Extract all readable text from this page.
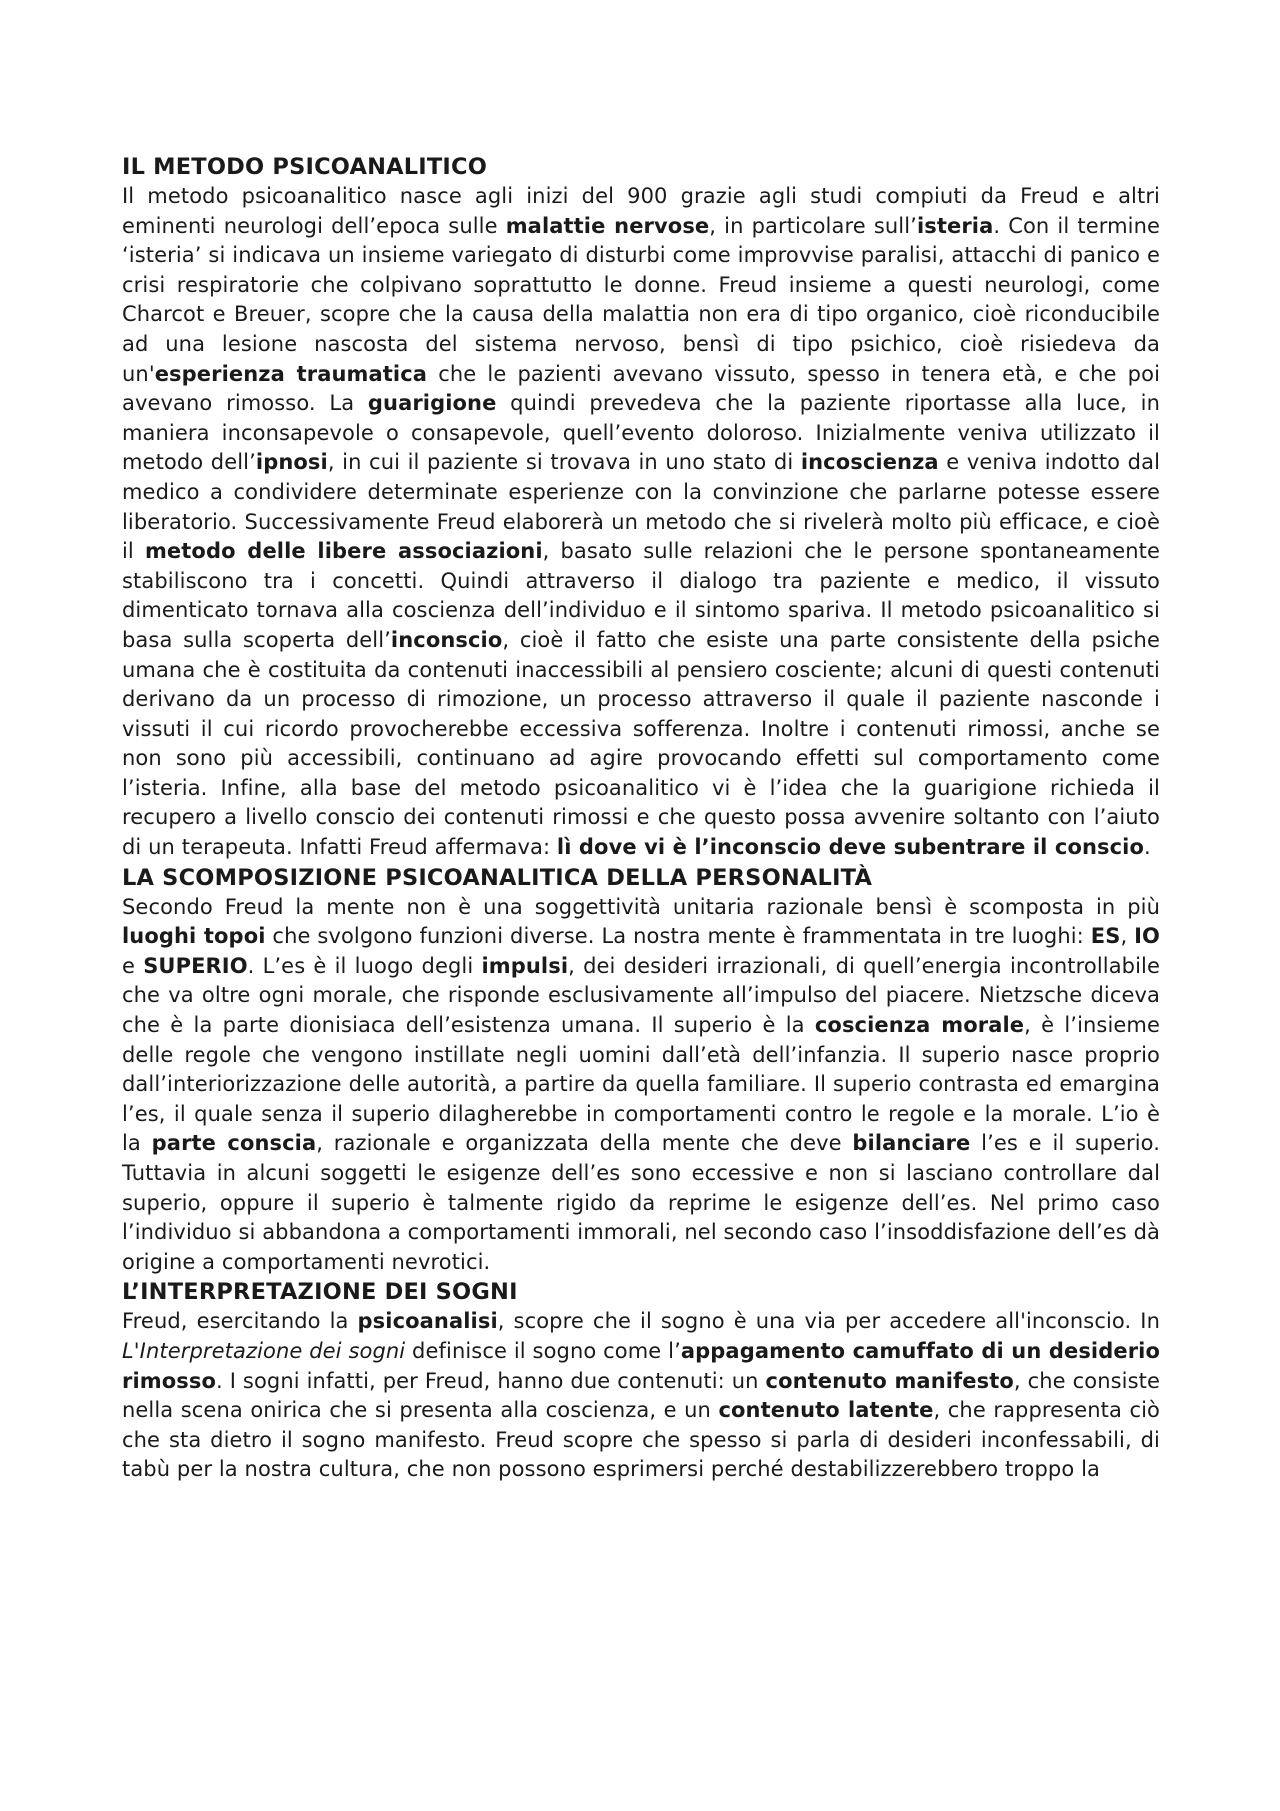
IL METODO PSICOANALITICO

Il metodo psicoanalitico nasce agli inizi del 900 grazie agli studi compiuti da Freud e altri eminenti neurologi dell’epoca sulle malattie nervose, in particolare sull’isteria. Con il termine ‘isteria’ si indicava un insieme variegato di disturbi come improvvise paralisi, attacchi di panico e crisi respiratorie che colpivano soprattutto le donne. Freud insieme a questi neurologi, come Charcot e Breuer, scopre che la causa della malattia non era di tipo organico, cioè riconducibile ad una lesione nascosta del sistema nervoso, bensì di tipo psichico, cioè risiedeva da un'esperienza traumatica che le pazienti avevano vissuto, spesso in tenera età, e che poi avevano rimosso. La guarigione quindi prevedeva che la paziente riportasse alla luce, in maniera inconsapevole o consapevole, quell’evento doloroso. Inizialmente veniva utilizzato il metodo dell’ipnosi, in cui il paziente si trovava in uno stato di incoscienza e veniva indotto dal medico a condividere determinate esperienze con la convinzione che parlarne potesse essere liberatorio. Successivamente Freud elaborerà un metodo che si rivelerà molto più efficace, e cioè il metodo delle libere associazioni, basato sulle relazioni che le persone spontaneamente stabiliscono tra i concetti. Quindi attraverso il dialogo tra paziente e medico, il vissuto dimenticato tornava alla coscienza dell’individuo e il sintomo spariva. Il metodo psicoanalitico si basa sulla scoperta dell’inconscio, cioè il fatto che esiste una parte consistente della psiche umana che è costituita da contenuti inaccessibili al pensiero cosciente; alcuni di questi contenuti derivano da un processo di rimozione, un processo attraverso il quale il paziente nasconde i vissuti il cui ricordo provocherebbe eccessiva sofferenza. Inoltre i contenuti rimossi, anche se non sono più accessibili, continuano ad agire provocando effetti sul comportamento come l’isteria. Infine, alla base del metodo psicoanalitico vi è l’idea che la guarigione richieda il recupero a livello conscio dei contenuti rimossi e che questo possa avvenire soltanto con l’aiuto di un terapeuta. Infatti Freud affermava: lì dove vi è l’inconscio deve subentrare il conscio.

LA SCOMPOSIZIONE PSICOANALITICA DELLA PERSONALITÀ

Secondo Freud la mente non è una soggettività unitaria razionale bensì è scomposta in più luoghi topoi che svolgono funzioni diverse. La nostra mente è frammentata in tre luoghi: ES, IO e SUPERIO. L’es è il luogo degli impulsi, dei desideri irrazionali, di quell’energia incontrollabile che va oltre ogni morale, che risponde esclusivamente all’impulso del piacere. Nietzsche diceva che è la parte dionisiaca dell’esistenza umana. Il superio è la coscienza morale, è l’insieme delle regole che vengono instillate negli uomini dall’età dell’infanzia. Il superio nasce proprio dall’interiorizzazione delle autorità, a partire da quella familiare. Il superio contrasta ed emargina l’es, il quale senza il superio dilagherebbe in comportamenti contro le regole e la morale. L’io è la parte conscia, razionale e organizzata della mente che deve bilanciare l’es e il superio. Tuttavia in alcuni soggetti le esigenze dell’es sono eccessive e non si lasciano controllare dal superio, oppure il superio è talmente rigido da reprime le esigenze dell’es. Nel primo caso l’individuo si abbandona a comportamenti immorali, nel secondo caso l’insoddisfazione dell’es dà origine a comportamenti nevrotici.

L’INTERPRETAZIONE DEI SOGNI

Freud, esercitando la psicoanalisi, scopre che il sogno è una via per accedere all'inconscio. In L'Interpretazione dei sogni definisce il sogno come l’appagamento camuffato di un desiderio rimosso. I sogni infatti, per Freud, hanno due contenuti: un contenuto manifesto, che consiste nella scena onirica che si presenta alla coscienza, e un contenuto latente, che rappresenta ciò che sta dietro il sogno manifesto. Freud scopre che spesso si parla di desideri inconfessabili, di tabù per la nostra cultura, che non possono esprimersi perché destabilizzerebbero troppo la
